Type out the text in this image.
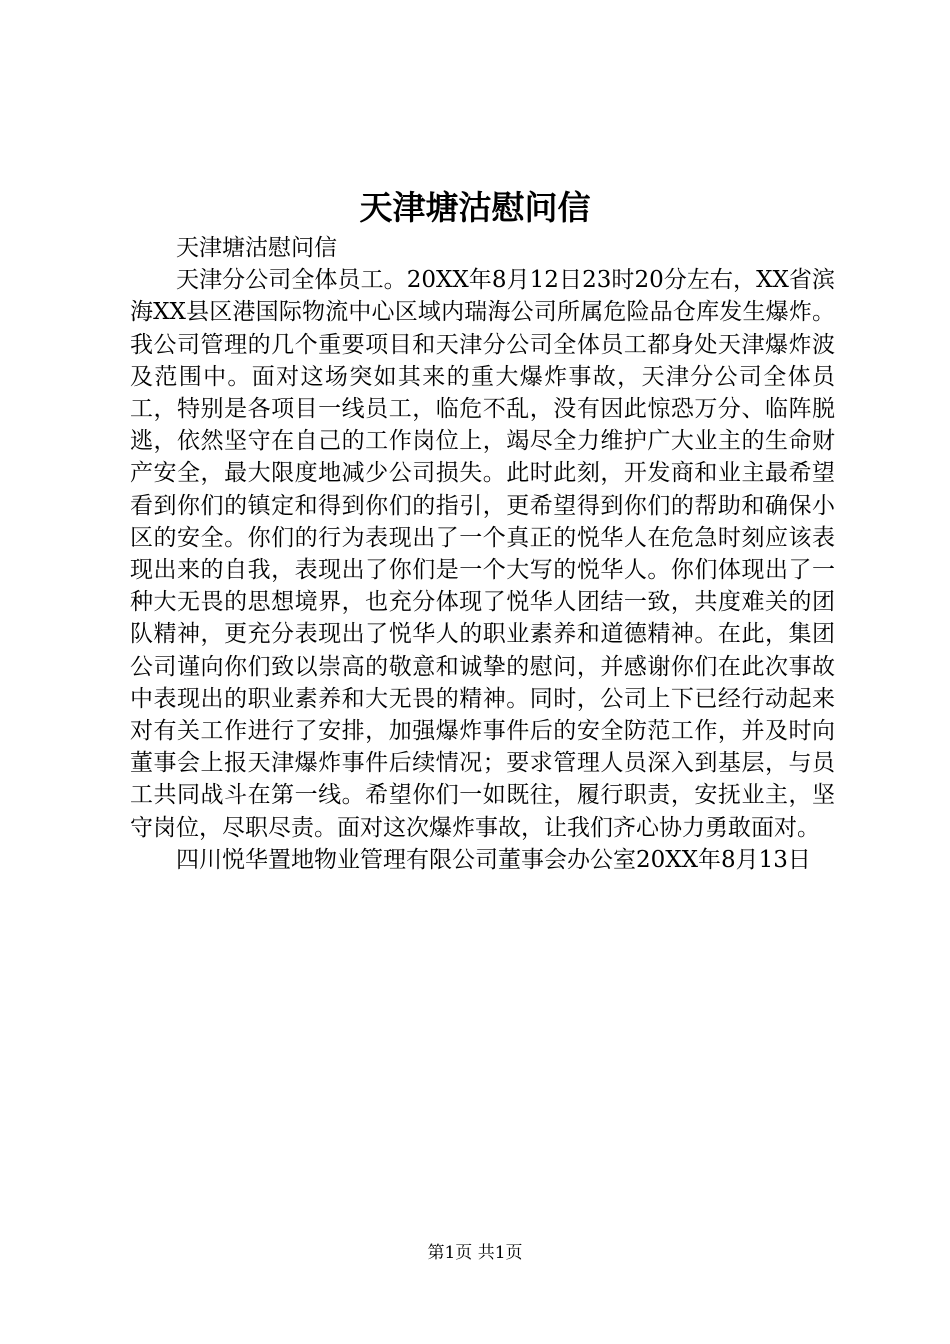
天津塘沽慰问信

天津塘沽慰问信

天津分公司全体员工。20XX年8月12日23时20分左右，XX省滨海XX县区港国际物流中心区域内瑞海公司所属危险品仓库发生爆炸。我公司管理的几个重要项目和天津分公司全体员工都身处天津爆炸波及范围中。面对这场突如其来的重大爆炸事故，天津分公司全体员工，特别是各项目一线员工，临危不乱，没有因此惊恐万分、临阵脱逃，依然坚守在自己的工作岗位上，竭尽全力维护广大业主的生命财产安全，最大限度地减少公司损失。此时此刻，开发商和业主最希望看到你们的镇定和得到你们的指引，更希望得到你们的帮助和确保小区的安全。你们的行为表现出了一个真正的悦华人在危急时刻应该表现出来的自我，表现出了你们是一个大写的悦华人。你们体现出了一种大无畏的思想境界，也充分体现了悦华人团结一致，共度难关的团队精神，更充分表现出了悦华人的职业素养和道德精神。在此，集团公司谨向你们致以崇高的敬意和诚挚的慰问，并感谢你们在此次事故中表现出的职业素养和大无畏的精神。同时，公司上下已经行动起来对有关工作进行了安排，加强爆炸事件后的安全防范工作，并及时向董事会上报天津爆炸事件后续情况；要求管理人员深入到基层，与员工共同战斗在第一线。希望你们一如既往，履行职责，安抚业主，坚守岗位，尽职尽责。面对这次爆炸事故，让我们齐心协力勇敢面对。

四川悦华置地物业管理有限公司董事会办公室20XX年8月13日

第1页 共1页
